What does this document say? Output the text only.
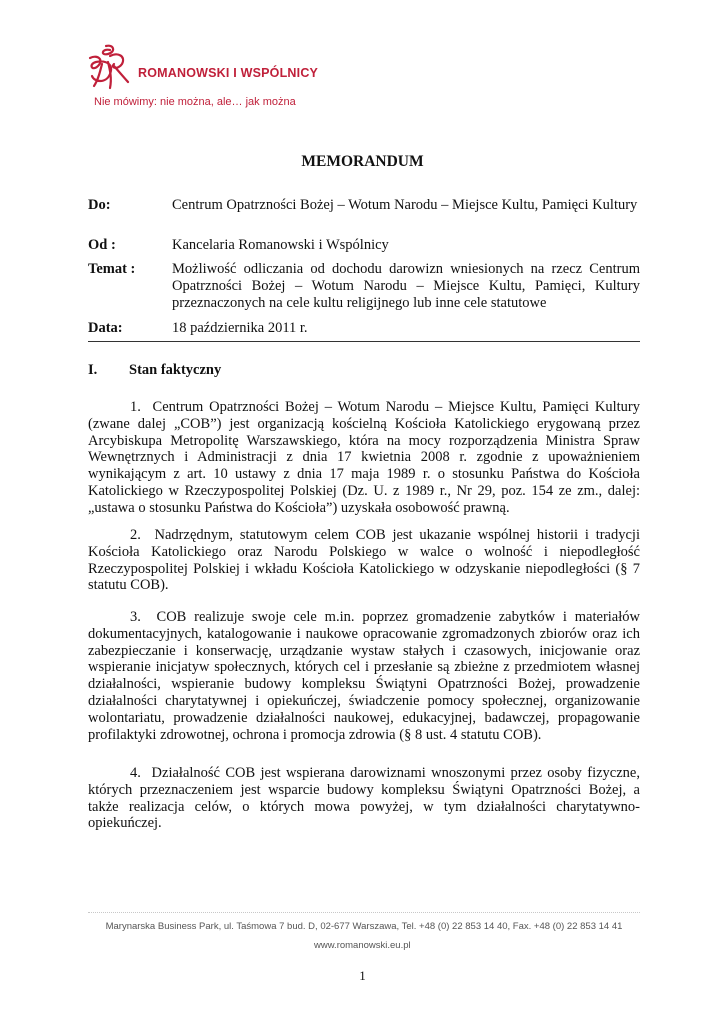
ROMANOWSKI I WSPÓLNICY
Nie mówimy: nie można, ale… jak można
MEMORANDUM
Do:	Centrum Opatrzności Bożej – Wotum Narodu – Miejsce Kultu, Pamięci Kultury
Od :	Kancelaria Romanowski i Wspólnicy
Temat :	Możliwość odliczania od dochodu darowizn wniesionych na rzecz Centrum Opatrzności Bożej – Wotum Narodu – Miejsce Kultu, Pamięci, Kultury przeznaczonych na cele kultu religijnego lub inne cele statutowe
Data:	18 października 2011 r.
I. Stan faktyczny

1.  Centrum Opatrzności Bożej – Wotum Narodu – Miejsce Kultu, Pamięci Kultury (zwane dalej „COB”) jest organizacją kościelną Kościoła Katolickiego erygowaną przez Arcybiskupa Metropolitę Warszawskiego, która na mocy rozporządzenia Ministra Spraw Wewnętrznych i Administracji z dnia 17 kwietnia 2008 r. zgodnie z upoważnieniem wynikającym z art. 10 ustawy z dnia 17 maja 1989 r. o stosunku Państwa do Kościoła Katolickiego w Rzeczypospolitej Polskiej (Dz. U. z 1989 r., Nr 29, poz. 154 ze zm., dalej: „ustawa o stosunku Państwa do Kościoła”) uzyskała osobowość prawną.

2.  Nadrzędnym, statutowym celem COB jest ukazanie wspólnej historii i tradycji Kościoła Katolickiego oraz Narodu Polskiego w walce o wolność i niepodległość Rzeczypospolitej Polskiej i wkładu Kościoła Katolickiego w odzyskanie niepodległości (§ 7 statutu COB).

3.  COB realizuje swoje cele m.in. poprzez gromadzenie zabytków i materiałów dokumentacyjnych, katalogowanie i naukowe opracowanie zgromadzonych zbiorów oraz ich zabezpieczanie i konserwację, urządzanie wystaw stałych i czasowych, inicjowanie oraz wspieranie inicjatyw społecznych, których cel i przesłanie są zbieżne z przedmiotem własnej działalności, wspieranie budowy kompleksu Świątyni Opatrzności Bożej, prowadzenie działalności charytatywnej i opiekuńczej, świadczenie pomocy społecznej, organizowanie wolontariatu, prowadzenie działalności naukowej, edukacyjnej, badawczej, propagowanie profilaktyki zdrowotnej, ochrona i promocja zdrowia (§ 8 ust. 4 statutu COB).

4.  Działalność COB jest wspierana darowiznami wnoszonymi przez osoby fizyczne, których przeznaczeniem jest wsparcie budowy kompleksu Świątyni Opatrzności Bożej, a także realizacja celów, o których mowa powyżej, w tym działalności charytatywno-opiekuńczej.

Marynarska Business Park, ul. Taśmowa 7 bud. D, 02-677 Warszawa, Tel. +48 (0) 22 853 14 40, Fax. +48 (0) 22 853 14 41
www.romanowski.eu.pl
1
